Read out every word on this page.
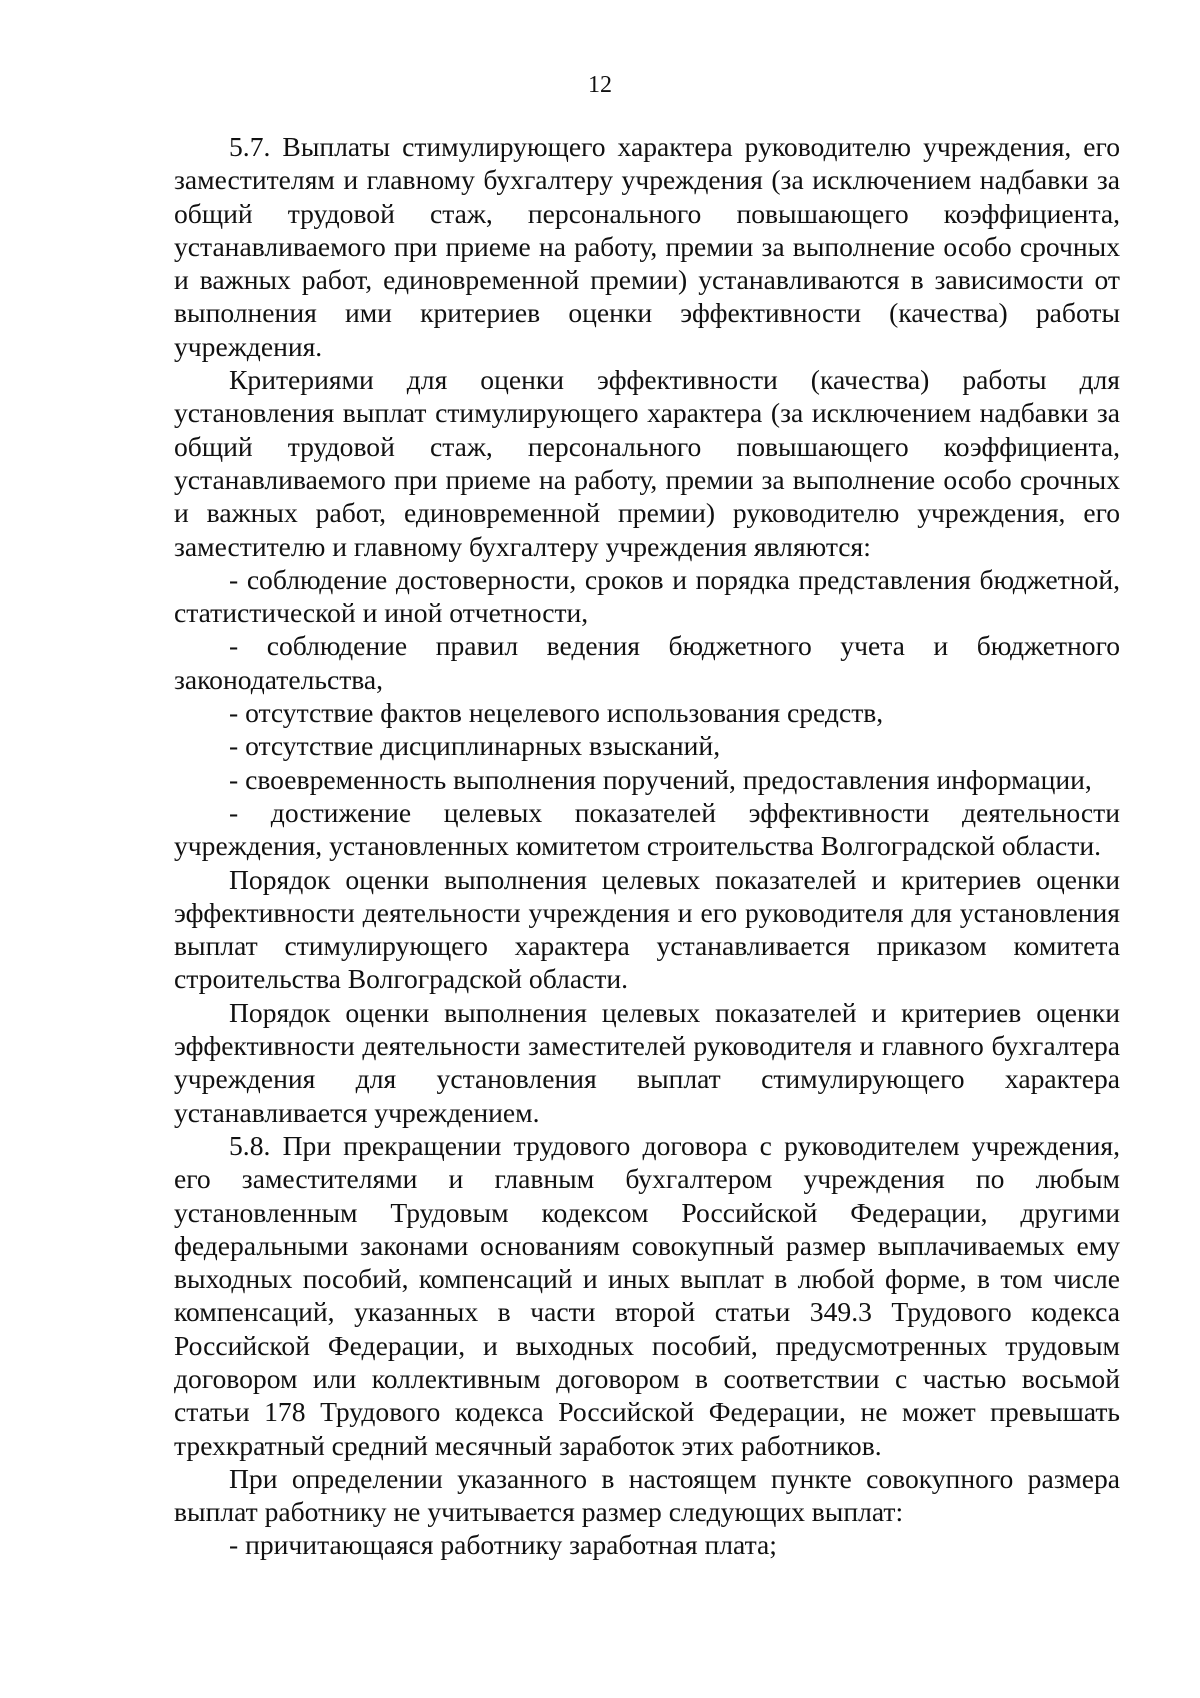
12

5.7. Выплаты стимулирующего характера руководителю учреждения, его заместителям и главному бухгалтеру учреждения (за исключением надбавки за общий трудовой стаж, персонального повышающего коэффициента, устанавливаемого при приеме на работу, премии за выполнение особо срочных и важных работ, единовременной премии) устанавливаются в зависимости от выполнения ими критериев оценки эффективности (качества) работы учреждения.

Критериями для оценки эффективности (качества) работы для установления выплат стимулирующего характера (за исключением надбавки за общий трудовой стаж, персонального повышающего коэффициента, устанавливаемого при приеме на работу, премии за выполнение особо срочных и важных работ, единовременной премии) руководителю учреждения, его заместителю и главному бухгалтеру учреждения являются:

- соблюдение достоверности, сроков и порядка представления бюджетной, статистической и иной отчетности,

- соблюдение правил ведения бюджетного учета и бюджетного законодательства,

- отсутствие фактов нецелевого использования средств,

- отсутствие дисциплинарных взысканий,

- своевременность выполнения поручений, предоставления информации,

- достижение целевых показателей эффективности деятельности учреждения, установленных комитетом строительства Волгоградской области.

Порядок оценки выполнения целевых показателей и критериев оценки эффективности деятельности учреждения и его руководителя для установления выплат стимулирующего характера устанавливается приказом комитета строительства Волгоградской области.

Порядок оценки выполнения целевых показателей и критериев оценки эффективности деятельности заместителей руководителя и главного бухгалтера учреждения для установления выплат стимулирующего характера устанавливается учреждением.

5.8. При прекращении трудового договора с руководителем учреждения, его заместителями и главным бухгалтером учреждения по любым установленным Трудовым кодексом Российской Федерации, другими федеральными законами основаниям совокупный размер выплачиваемых ему выходных пособий, компенсаций и иных выплат в любой форме, в том числе компенсаций, указанных в части второй статьи 349.3 Трудового кодекса Российской Федерации, и выходных пособий, предусмотренных трудовым договором или коллективным договором в соответствии с частью восьмой статьи 178 Трудового кодекса Российской Федерации, не может превышать трехкратный средний месячный заработок этих работников.

При определении указанного в настоящем пункте совокупного размера выплат работнику не учитывается размер следующих выплат:

- причитающаяся работнику заработная плата;
